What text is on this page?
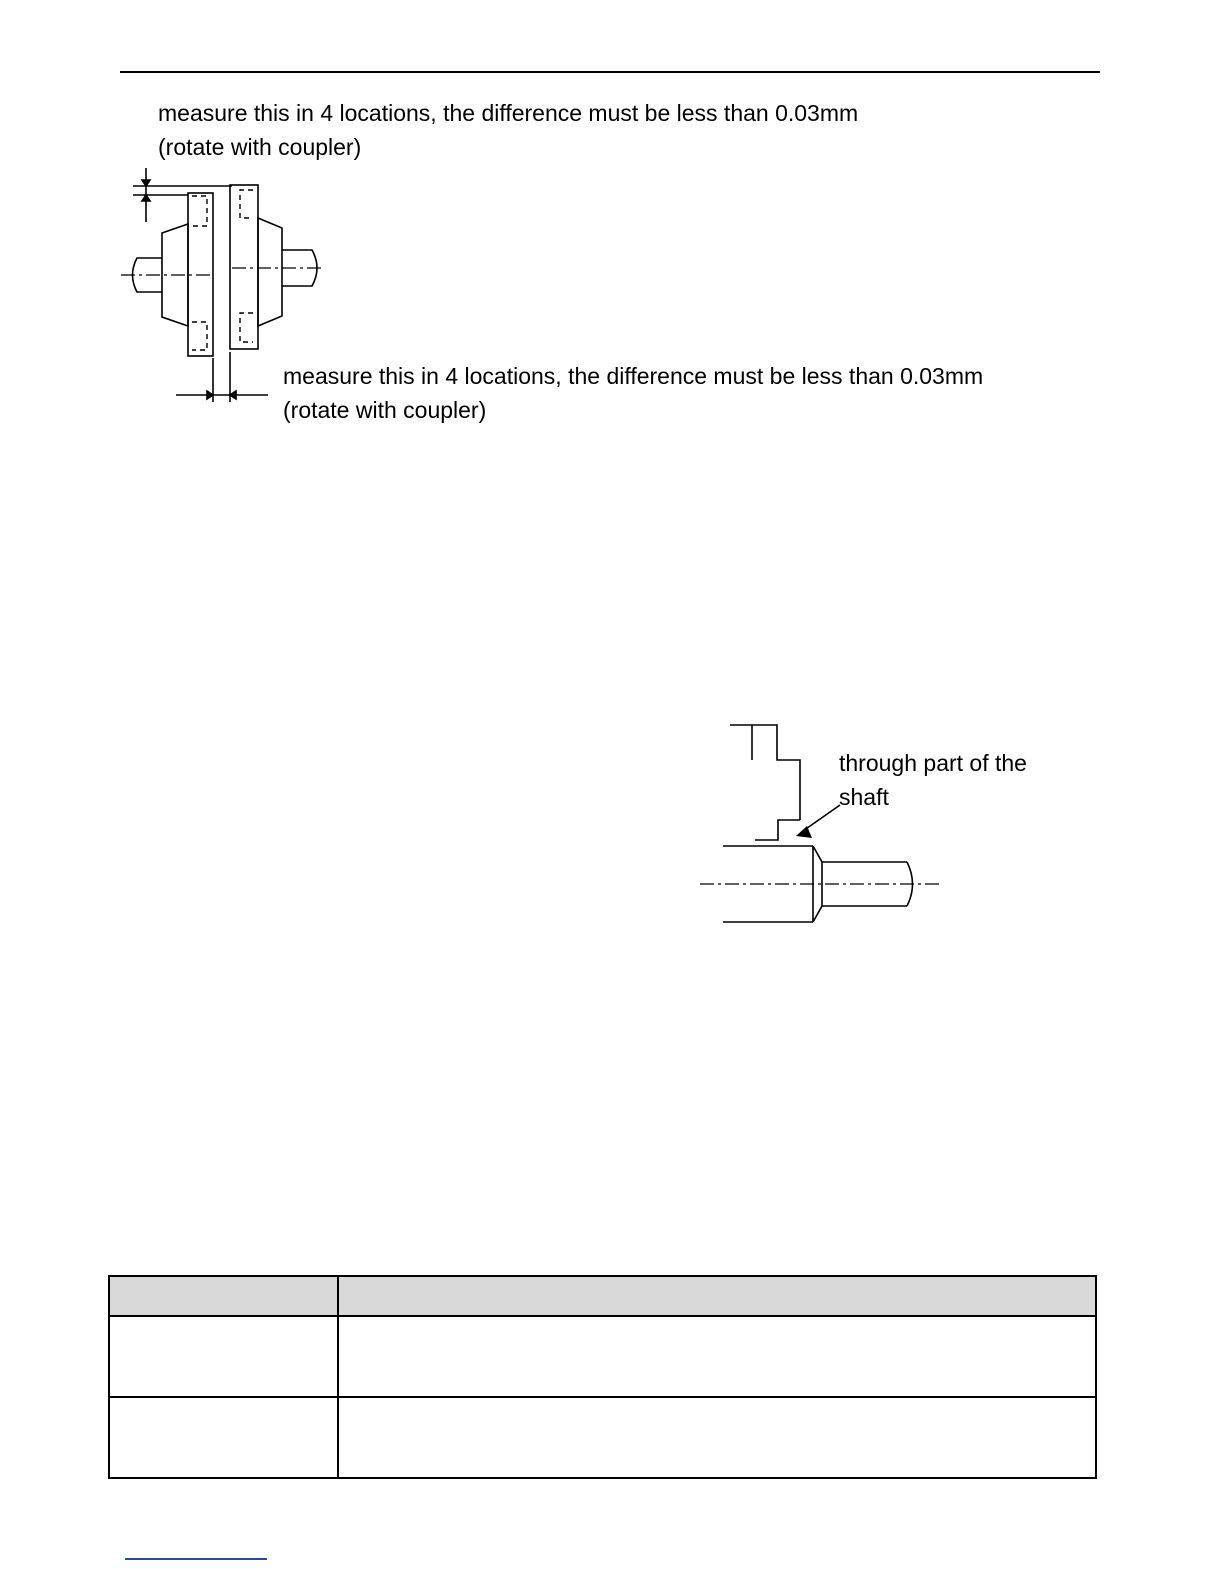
measure this in 4 locations, the difference must be less than 0.03mm
(rotate with coupler)
measure this in 4 locations, the difference must be less than 0.03mm
(rotate with coupler)
through part of the
shaft
